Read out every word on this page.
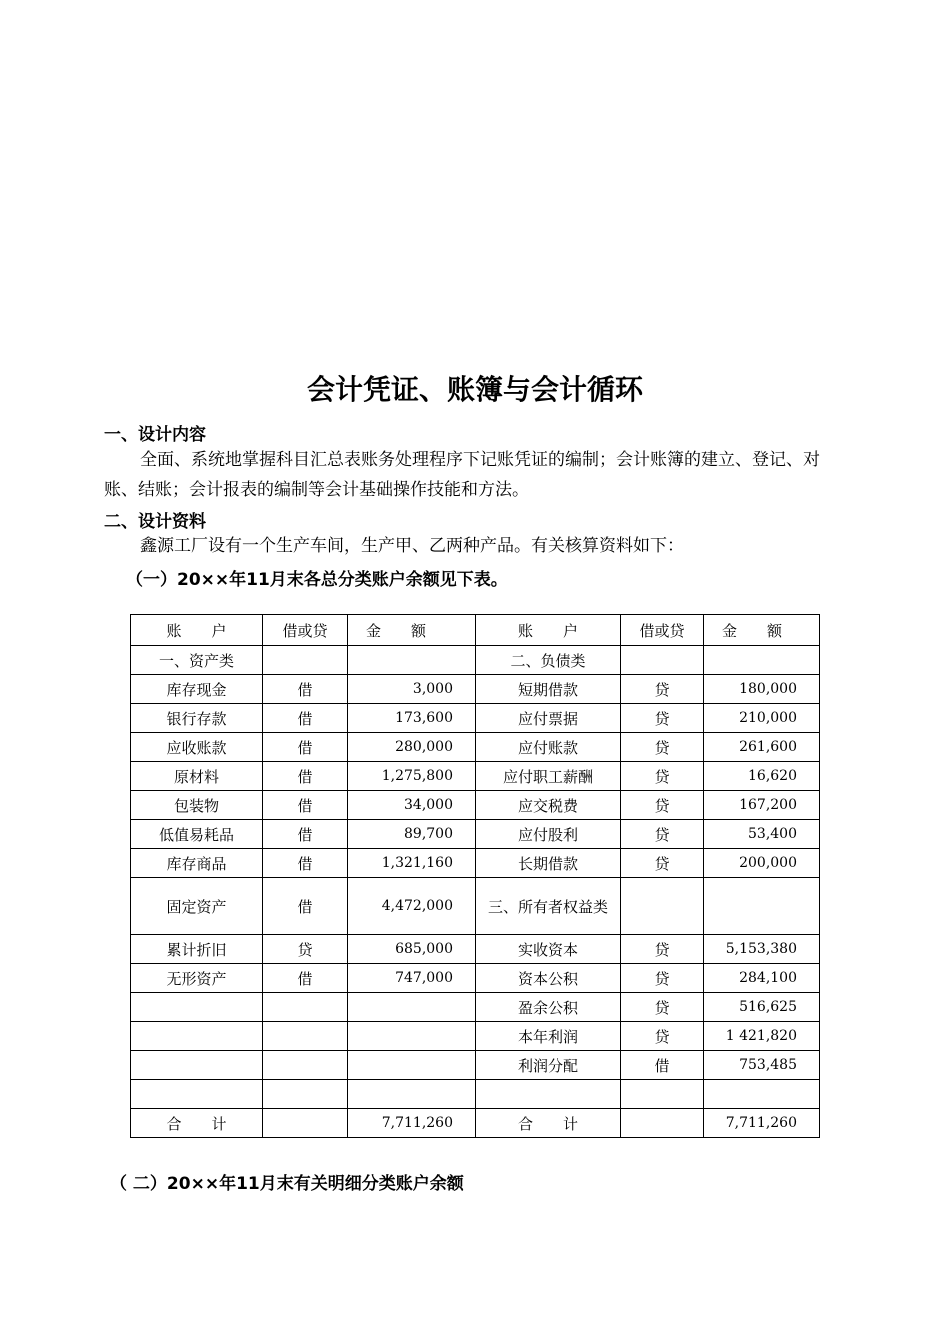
会计凭证、账簿与会计循环
一、设计内容
全面、系统地掌握科目汇总表账务处理程序下记账凭证的编制；会计账簿的建立、登记、对账、结账；会计报表的编制等会计基础操作技能和方法。
二、设计资料
鑫源工厂设有一个生产车间，生产甲、乙两种产品。有关核算资料如下：
（一）20××年11月末各总分类账户余额见下表。
账　　户	借或贷	金　　额	账　　户	借或贷	金　　额
一、资产类			二、负债类		
库存现金	借	3,000	短期借款	贷	180,000
银行存款	借	173,600	应付票据	贷	210,000
应收账款	借	280,000	应付账款	贷	261,600
原材料	借	1,275,800	应付职工薪酬	贷	16,620
包装物	借	34,000	应交税费	贷	167,200
低值易耗品	借	89,700	应付股利	贷	53,400
库存商品	借	1,321,160	长期借款	贷	200,000
固定资产	借	4,472,000	三、所有者权益类		
累计折旧	贷	685,000	实收资本	贷	5,153,380
无形资产	借	747,000	资本公积	贷	284,100
			盈余公积	贷	516,625
			本年利润	贷	1 421,820
			利润分配	借	753,485

合　　计		7,711,260	合　　计		7,711,260
（ 二）20××年11月末有关明细分类账户余额
